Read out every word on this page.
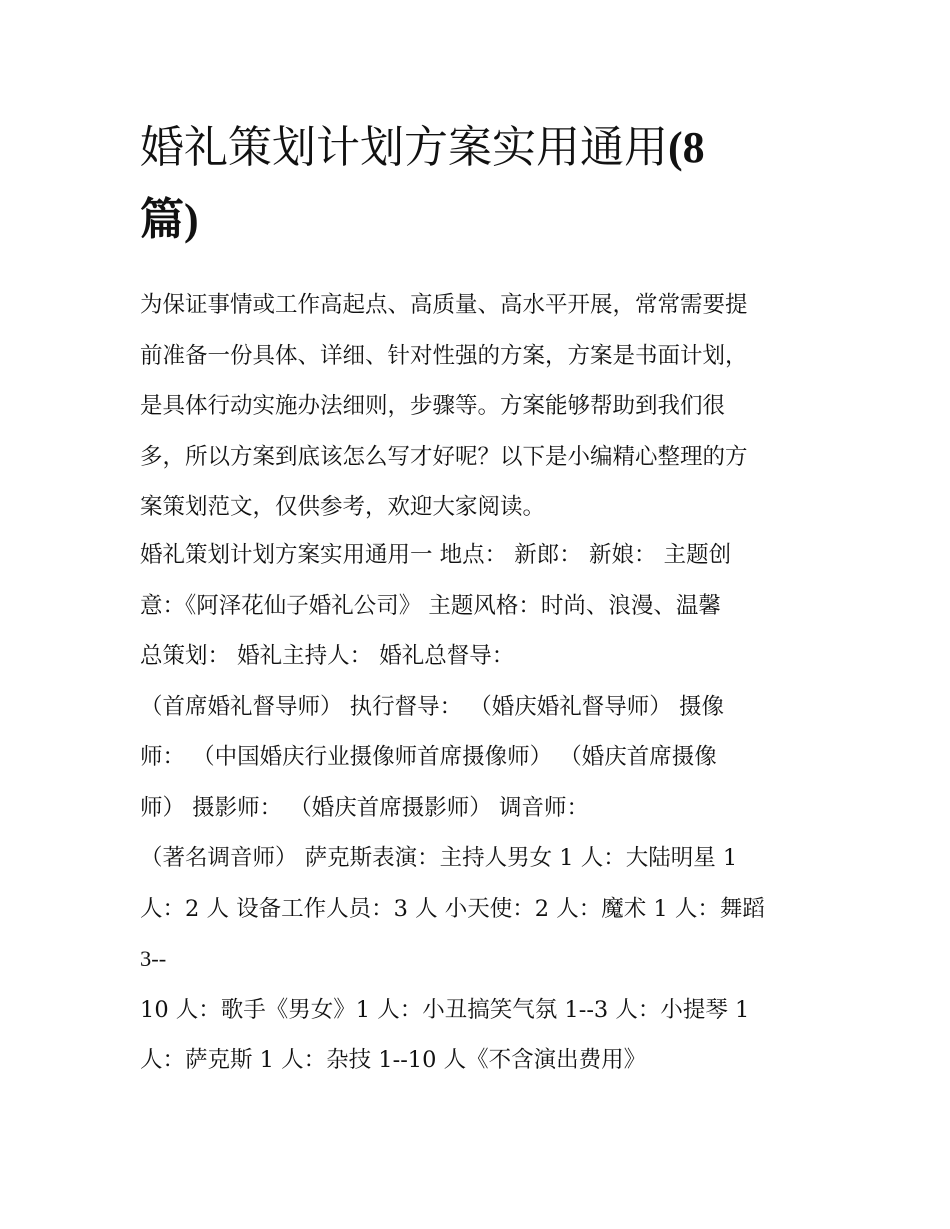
婚礼策划计划方案实用通用(8
篇)
为保证事情或工作高起点、高质量、高水平开展，常常需要提
前准备一份具体、详细、针对性强的方案，方案是书面计划，
是具体行动实施办法细则，步骤等。方案能够帮助到我们很
多，所以方案到底该怎么写才好呢？以下是小编精心整理的方
案策划范文，仅供参考，欢迎大家阅读。
婚礼策划计划方案实用通用一 地点： 新郎： 新娘： 主题创
意：《阿泽花仙子婚礼公司》 主题风格：时尚、浪漫、温馨
总策划： 婚礼主持人： 婚礼总督导：
（首席婚礼督导师） 执行督导： （婚庆婚礼督导师） 摄像
师： （中国婚庆行业摄像师首席摄像师） （婚庆首席摄像
师） 摄影师： （婚庆首席摄影师） 调音师：
（著名调音师） 萨克斯表演：主持人男女 1 人：大陆明星 1
人：2 人 设备工作人员：3 人 小天使：2 人：魔术 1 人：舞蹈
3--
10 人：歌手《男女》1 人：小丑搞笑气氛 1--3 人：小提琴 1
人：萨克斯 1 人：杂技 1--10 人《不含演出费用》
